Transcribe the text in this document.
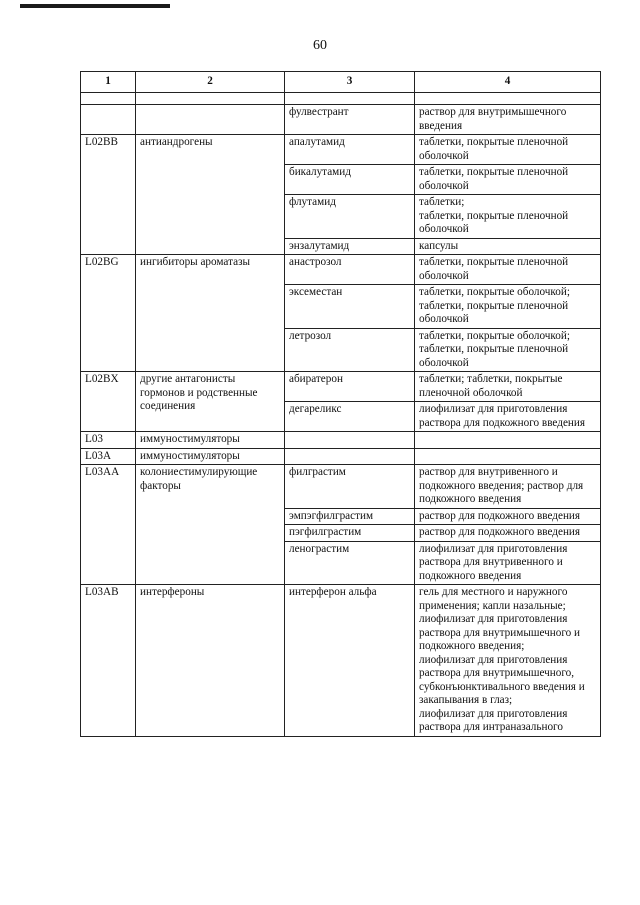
60
1	2	3	4

		фулвестрант	раствор для внутримышечного введения

L02BB	антиандрогены	апалутамид	таблетки, покрытые пленочной оболочкой

		бикалутамид	таблетки, покрытые пленочной оболочкой

		флутамид	таблетки;
таблетки, покрытые пленочной оболочкой

		энзалутамид	капсулы

L02BG	ингибиторы ароматазы	анастрозол	таблетки, покрытые пленочной оболочкой

		эксеместан	таблетки, покрытые оболочкой;
таблетки, покрытые пленочной оболочкой

		летрозол	таблетки, покрытые оболочкой;
таблетки, покрытые пленочной оболочкой

L02BX	другие антагонисты гормонов и родственные соединения	абиратерон	таблетки; таблетки, покрытые пленочной оболочкой

		дегареликс	лиофилизат для приготовления раствора для подкожного введения

L03	иммуностимуляторы		

L03A	иммуностимуляторы		

L03AA	колониестимулирующие факторы	филграстим	раствор для внутривенного и подкожного введения; раствор для подкожного введения

		эмпэгфилграстим	раствор для подкожного введения

		пэгфилграстим	раствор для подкожного введения

		ленограстим	лиофилизат для приготовления раствора для внутривенного и подкожного введения

L03AB	интерфероны	интерферон альфа	гель для местного и наружного применения; капли назальные;
лиофилизат для приготовления раствора для внутримышечного и подкожного введения;
лиофилизат для приготовления раствора для внутримышечного, субконъюнктивального введения и закапывания в глаз;
лиофилизат для приготовления раствора для интраназального
